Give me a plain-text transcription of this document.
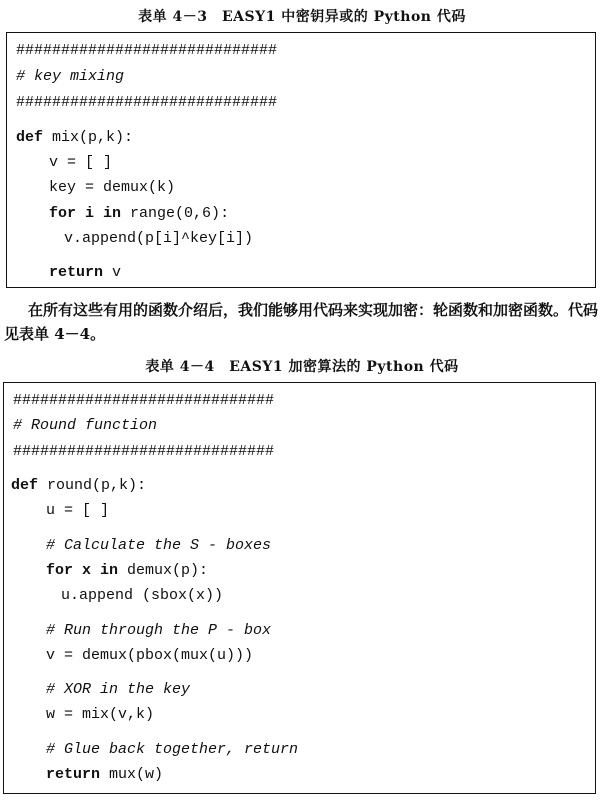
表单 4－3　EASY1 中密钥异或的 Python 代码
#############################
# key mixing
#############################
def mix(p,k):
v = [ ]
key = demux(k)
for i in range(0,6):
v.append(p[i]^key[i])
return v
在所有这些有用的函数介绍后，我们能够用代码来实现加密：轮函数和加密函数。代码见表单 4－4。
表单 4－4　EASY1 加密算法的 Python 代码
#############################
# Round function
#############################
def round(p,k):
u = [ ]
# Calculate the S - boxes
for x in demux(p):
u.append (sbox(x))
# Run through the P - box
v = demux(pbox(mux(u)))
# XOR in the key
w = mix(v,k)
# Glue back together, return
return mux(w)
